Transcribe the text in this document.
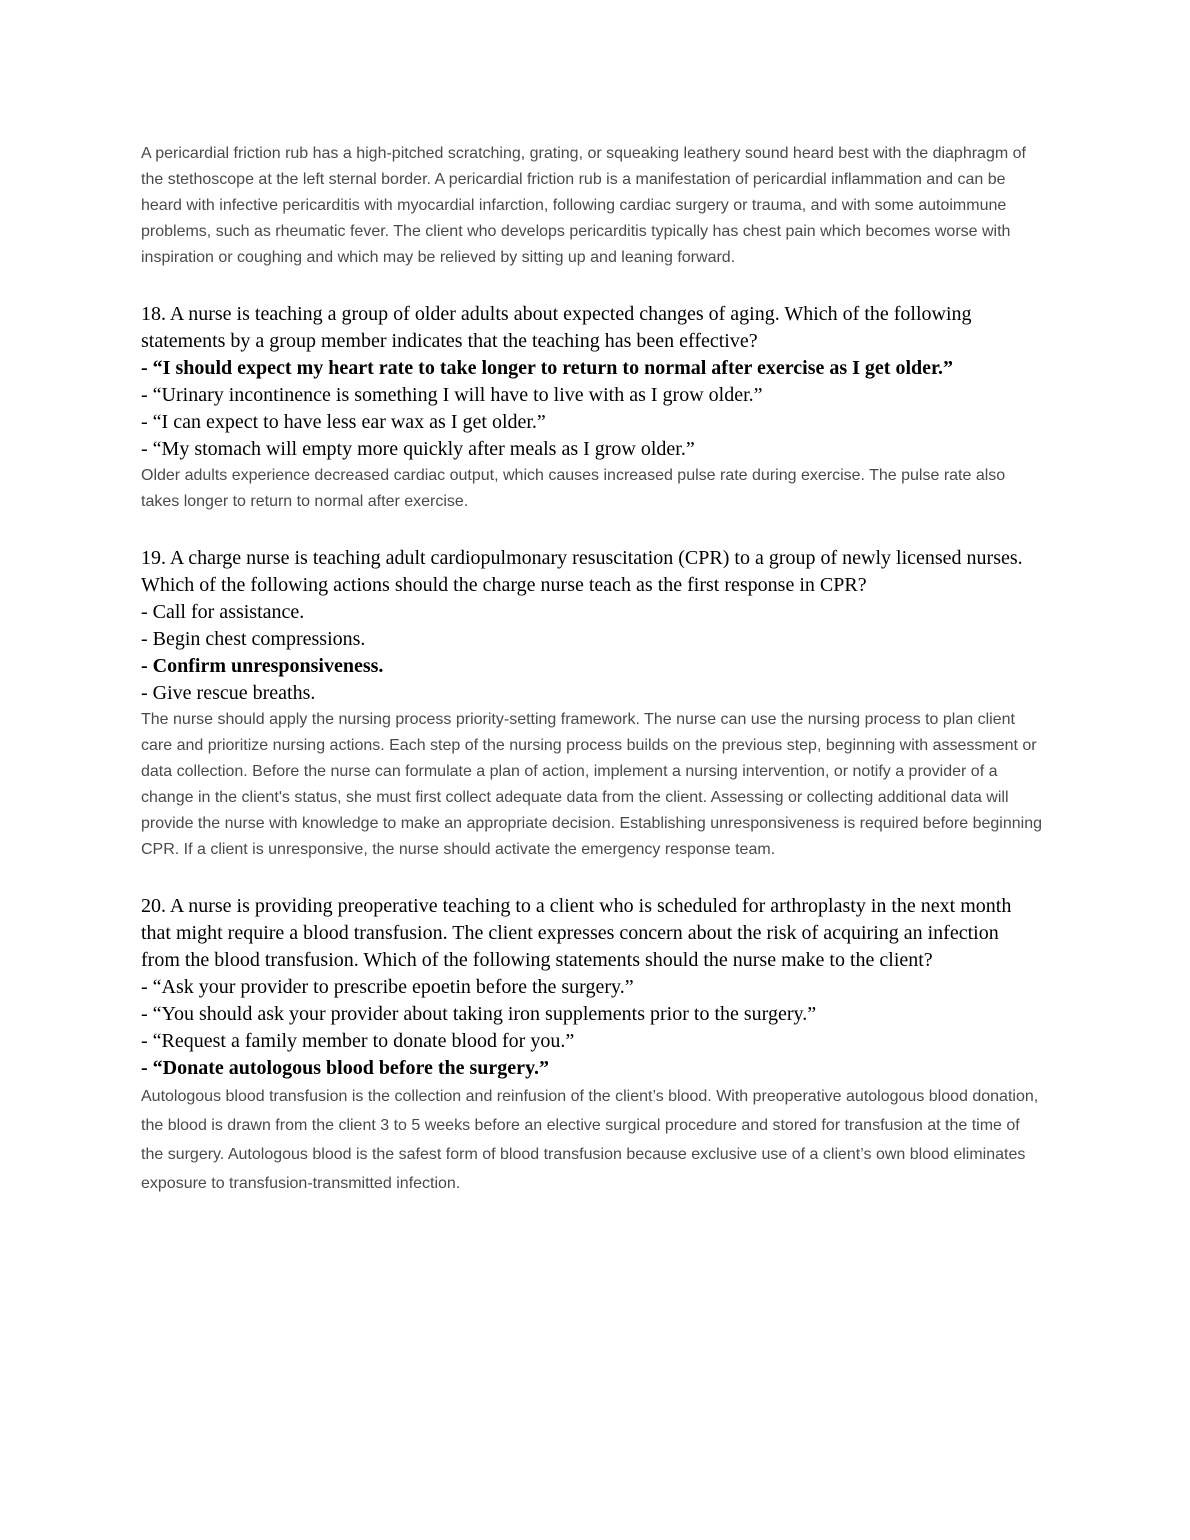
A pericardial friction rub has a high-pitched scratching, grating, or squeaking leathery sound heard best with the diaphragm of the stethoscope at the left sternal border. A pericardial friction rub is a manifestation of pericardial inflammation and can be heard with infective pericarditis with myocardial infarction, following cardiac surgery or trauma, and with some autoimmune problems, such as rheumatic fever. The client who develops pericarditis typically has chest pain which becomes worse with inspiration or coughing and which may be relieved by sitting up and leaning forward.

18. A nurse is teaching a group of older adults about expected changes of aging. Which of the following statements by a group member indicates that the teaching has been effective?
- “I should expect my heart rate to take longer to return to normal after exercise as I get older.”
- “Urinary incontinence is something I will have to live with as I grow older.”
- “I can expect to have less ear wax as I get older.”
- “My stomach will empty more quickly after meals as I grow older.”

Older adults experience decreased cardiac output, which causes increased pulse rate during exercise. The pulse rate also takes longer to return to normal after exercise.

19. A charge nurse is teaching adult cardiopulmonary resuscitation (CPR) to a group of newly licensed nurses. Which of the following actions should the charge nurse teach as the first response in CPR?
- Call for assistance.
- Begin chest compressions.
- Confirm unresponsiveness.
- Give rescue breaths.

The nurse should apply the nursing process priority-setting framework. The nurse can use the nursing process to plan client care and prioritize nursing actions. Each step of the nursing process builds on the previous step, beginning with assessment or data collection. Before the nurse can formulate a plan of action, implement a nursing intervention, or notify a provider of a change in the client's status, she must first collect adequate data from the client. Assessing or collecting additional data will provide the nurse with knowledge to make an appropriate decision. Establishing unresponsiveness is required before beginning CPR. If a client is unresponsive, the nurse should activate the emergency response team.

20. A nurse is providing preoperative teaching to a client who is scheduled for arthroplasty in the next month that might require a blood transfusion. The client expresses concern about the risk of acquiring an infection from the blood transfusion. Which of the following statements should the nurse make to the client?
- “Ask your provider to prescribe epoetin before the surgery.”
- “You should ask your provider about taking iron supplements prior to the surgery.”
- “Request a family member to donate blood for you.”
- “Donate autologous blood before the surgery.”

Autologous blood transfusion is the collection and reinfusion of the client’s blood. With preoperative autologous blood donation, the blood is drawn from the client 3 to 5 weeks before an elective surgical procedure and stored for transfusion at the time of the surgery. Autologous blood is the safest form of blood transfusion because exclusive use of a client’s own blood eliminates exposure to transfusion-transmitted infection.
